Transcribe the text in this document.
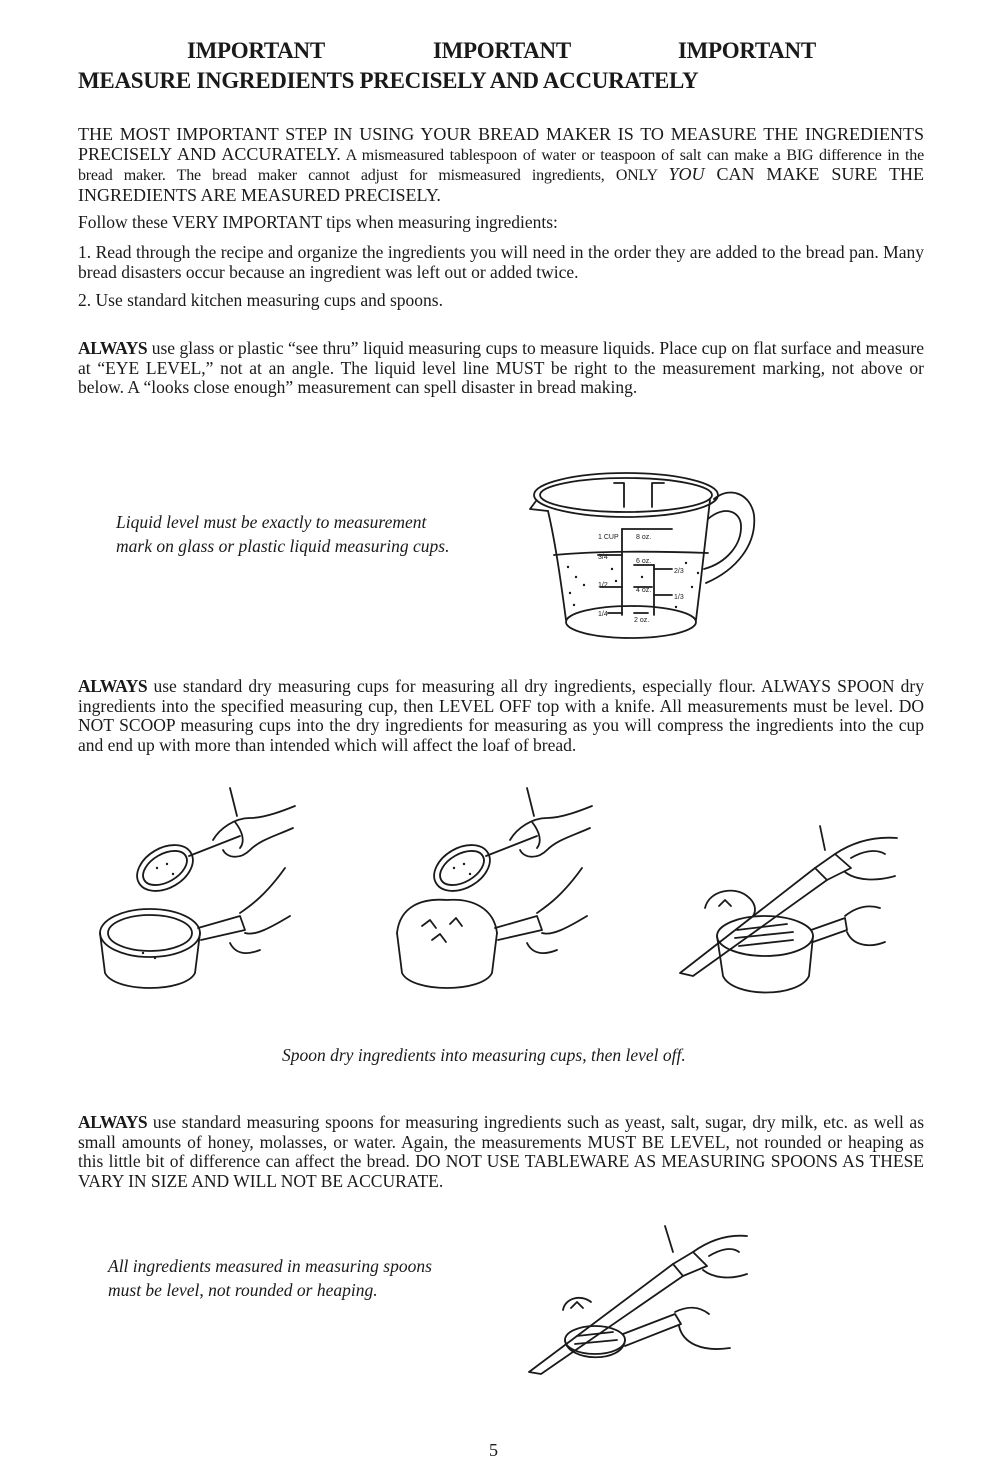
IMPORTANT	IMPORTANT	IMPORTANT
MEASURE INGREDIENTS PRECISELY AND ACCURATELY
THE MOST IMPORTANT STEP IN USING YOUR BREAD MAKER IS TO MEASURE THE INGREDIENTS PRECISELY AND ACCURATELY. A mismeasured tablespoon of water or teaspoon of salt can make a BIG difference in the bread maker. The bread maker cannot adjust for mismeasured ingredients, ONLY YOU CAN MAKE SURE THE INGREDIENTS ARE MEASURED PRECISELY.
Follow these VERY IMPORTANT tips when measuring ingredients:
1. Read through the recipe and organize the ingredients you will need in the order they are added to the bread pan. Many bread disasters occur because an ingredient was left out or added twice.
2. Use standard kitchen measuring cups and spoons.
ALWAYS use glass or plastic “see thru” liquid measuring cups to measure liquids. Place cup on flat surface and measure at “EYE LEVEL,” not at an angle. The liquid level line MUST be right to the measurement marking, not above or below. A “looks close enough” measurement can spell disaster in bread making.
Liquid level must be exactly to measurement
mark on glass or plastic liquid measuring cups.	1 CUP 8 oz.
3/4
6 oz.
2/3
1/2
4 oz.
1/3
1/4
2 oz.
ALWAYS use standard dry measuring cups for measuring all dry ingredients, especially flour. ALWAYS SPOON dry ingredients into the specified measuring cup, then LEVEL OFF top with a knife. All measurements must be level. DO NOT SCOOP measuring cups into the dry ingredients for measuring as you will compress the ingredients into the cup and end up with more than intended which will affect the loaf of bread.
Spoon dry ingredients into measuring cups, then level off.
ALWAYS use standard measuring spoons for measuring ingredients such as yeast, salt, sugar, dry milk, etc. as well as small amounts of honey, molasses, or water. Again, the measurements MUST BE LEVEL, not rounded or heaping as this little bit of difference can affect the bread. DO NOT USE TABLEWARE AS MEASURING SPOONS AS THESE VARY IN SIZE AND WILL NOT BE ACCURATE.
All ingredients measured in measuring spoons
must be level, not rounded or heaping.
5
